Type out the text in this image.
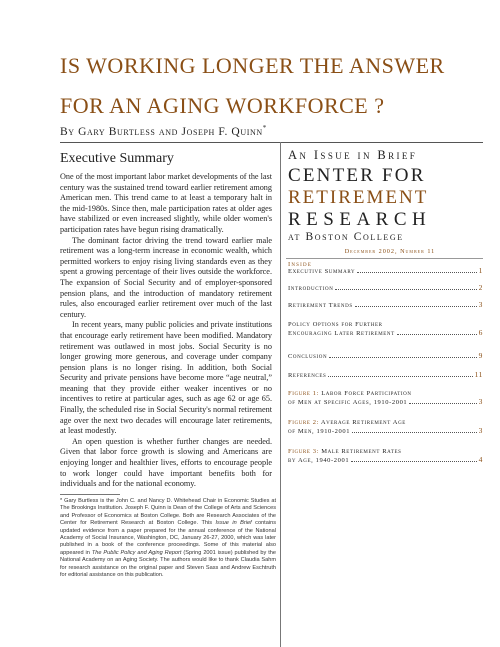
IS WORKING LONGER THE ANSWER
FOR AN AGING WORKFORCE ?
By Gary Burtless and Joseph F. Quinn*
Executive Summary

One of the most important labor market developments of the last century was the sustained trend toward earlier retirement among American men. This trend came to at least a temporary halt in the mid-1980s. Since then, male participation rates at older ages have stabilized or even increased slightly, while older women's participation rates have begun rising dramatically.

The dominant factor driving the trend toward earlier male retirement was a long-term increase in economic wealth, which permitted workers to enjoy rising living standards even as they spent a growing percentage of their lives outside the workforce. The expansion of Social Security and of employer-sponsored pension plans, and the introduction of mandatory retirement rules, also encouraged earlier retirement over much of the last century.

In recent years, many public policies and private institutions that encourage early retirement have been modified. Mandatory retirement was outlawed in most jobs. Social Security is no longer growing more generous, and coverage under company pension plans is no longer rising. In addition, both Social Security and private pensions have become more “age neutral,” meaning that they provide either weaker incentives or no incentives to retire at particular ages, such as age 62 or age 65. Finally, the scheduled rise in Social Security's normal retirement age over the next two decades will encourage later retirements, at least modestly.

An open question is whether further changes are needed. Given that labor force growth is slowing and Americans are enjoying longer and healthier lives, efforts to encourage people to work longer could have important benefits both for individuals and for the national economy.

* Gary Burtless is the John C. and Nancy D. Whitehead Chair in Economic Studies at The Brookings Institution. Joseph F. Quinn is Dean of the College of Arts and Sciences and Professor of Economics at Boston College. Both are Research Associates of the Center for Retirement Research at Boston College. This Issue in Brief contains updated evidence from a paper prepared for the annual conference of the National Academy of Social Insurance, Washington, DC, January 26-27, 2000, which was later published in a book of the conference proceedings. Some of this material also appeared in The Public Policy and Aging Report (Spring 2001 issue) published by the National Academy on an Aging Society. The authors would like to thank Claudia Sahm for research assistance on the original paper and Steven Sass and Andrew Eschtruth for editorial assistance on this publication.
An Issue in Brief
CENTER FOR
RETIREMENT
RESEARCH
at Boston College
December 2002, Number 11
Inside
Executive Summary	1
Introduction	2
Retirement Trends	3
Policy Options for Further
Encouraging Later Retirement	6
Conclusion	9
References	11
Figure 1: Labor Force Participation
of Men at Specific Ages, 1910-2001	3
Figure 2: Average Retirement Age
of Men, 1910-2001	3
Figure 3: Male Retirement Rates
by Age, 1940-2001	4
